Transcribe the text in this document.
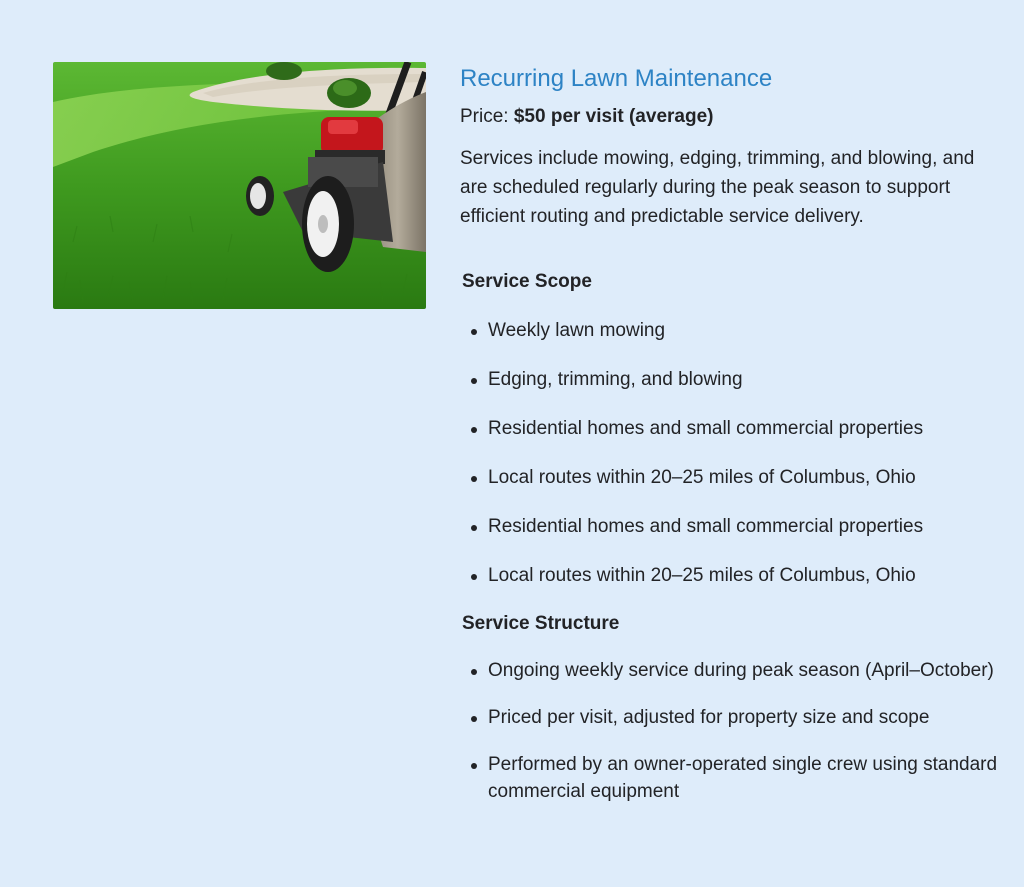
Recurring Lawn Maintenance

Price: $50 per visit (average)

Services include mowing, edging, trimming, and blowing, and are scheduled regularly during the peak season to support efficient routing and predictable service delivery.

Service Scope
Weekly lawn mowing
Edging, trimming, and blowing
Residential homes and small commercial properties
Local routes within 20–25 miles of Columbus, Ohio
Residential homes and small commercial properties
Local routes within 20–25 miles of Columbus, Ohio
Service Structure
Ongoing weekly service during peak season (April–October)
Priced per visit, adjusted for property size and scope
Performed by an owner-operated single crew using standard commercial equipment
